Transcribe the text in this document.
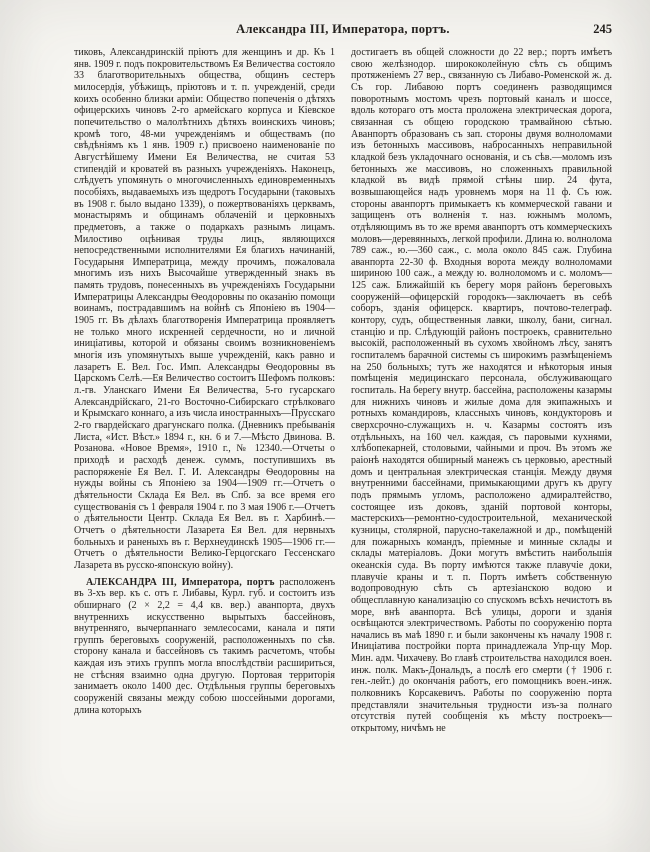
Александра III, Императора, портъ.	245

тиковъ, Александринскій пріютъ для женщинъ и др. Къ 1 янв. 1909 г. подъ покровительствомъ Ея Величества состояло 33 благотворительныхъ общества, общинъ сестеръ милосердія, убѣжищъ, пріютовъ и т. п. учрежденій, среди коихъ особенно близки арміи: Общество попеченія о дѣтяхъ офицерскихъ чиновъ 2-го армейскаго корпуса и Кіевское попечительство о малолѣтнихъ дѣтяхъ воинскихъ чиновъ; кромѣ того, 48-ми учрежденіямъ и обществамъ (по свѣдѣніямъ къ 1 янв. 1909 г.) присвоено наименованіе по Августѣйшему Имени Ея Величества, не считая 53 стипендій и кроватей въ разныхъ учрежденіяхъ. Наконецъ, слѣдуетъ упомянуть о многочисленныхъ единовременныхъ пособіяхъ, выдаваемыхъ изъ щедротъ Государыни (таковыхъ въ 1908 г. было выдано 1339), о пожертвованіяхъ церквамъ, монастырямъ и общинамъ облаченій и церковныхъ предметовъ, а также о подаркахъ разнымъ лицамъ. Милостиво оцѣнивая труды лицъ, являющихся непосредственными исполнителями Ея благихъ начинаній, Государыня Императрица, между прочимъ, пожаловала многимъ изъ нихъ Высочайше утвержденный знакъ въ память трудовъ, понесенныхъ въ учрежденіяхъ Государыни Императрицы Александры Ѳеодоровны по оказанію помощи воинамъ, пострадавшимъ на войнѣ съ Японіею въ 1904—1905 гг. Въ дѣлахъ благотворенія Императрица проявляетъ не только много искренней сердечности, но и личной иниціативы, которой и обязаны своимъ возникновеніемъ многія изъ упомянутыхъ выше учрежденій, какъ равно и лазаретъ Е. Вел. Гос. Имп. Александры Ѳеодоровны въ Царскомъ Селѣ.—Ея Величество состоитъ Шефомъ полковъ: л.-гв. Уланскаго Имени Ея Величества, 5-го гусарскаго Александрійскаго, 21-го Восточно-Сибирскаго стрѣлковаго и Крымскаго коннаго, а изъ числа иностранныхъ—Прусскаго 2-го гвардейскаго драгунскаго полка. (Дневникъ пребыванія Листа, «Ист. Вѣст.» 1894 г., кн. 6 и 7.—Мѣсто Двинова. В. Розанова. «Новое Время», 1910 г., № 12340.—Отчеты о приходѣ и расходѣ денеж. суммъ, поступившихъ въ распоряженіе Ея Вел. Г. И. Александры Ѳеодоровны на нужды войны съ Японіею за 1904—1909 гг.—Отчетъ о дѣятельности Склада Ея Вел. въ Спб. за все время его существованія съ 1 февраля 1904 г. по 3 мая 1906 г.—Отчетъ о дѣятельности Центр. Склада Ея Вел. въ г. Харбинѣ.—Отчетъ о дѣятельности Лазарета Ея Вел. для нервныхъ больныхъ и раненыхъ въ г. Верхнеудинскѣ 1905—1906 гг.—Отчетъ о дѣятельности Велико-Герцогскаго Гессенскаго Лазарета въ русско-японскую войну).

АЛЕКСАНДРА III, Императора, портъ расположенъ въ 3-хъ вер. къ с. отъ г. Либавы, Курл. губ. и состоитъ изъ обширнаго (2 × 2,2 = 4,4 кв. вер.) аванпорта, двухъ внутреннихъ искусственно вырытыхъ бассейновъ, внутренняго, вычерпаннаго землесосами, канала и пяти группъ береговыхъ сооруженій, расположенныхъ по сѣв. сторону канала и бассейновъ съ такимъ расчетомъ, чтобы каждая изъ этихъ группъ могла впослѣдствіи расшириться, не стѣсняя взаимно одна другую. Портовая территорія занимаетъ около 1400 дес. Отдѣльныя группы береговыхъ сооруженій связаны между собою шоссейными дорогами, длина которыхъ

достигаетъ въ общей сложности до 22 вер.; портъ имѣетъ свою желѣзнодор. ширококолейную сѣть съ общимъ протяженіемъ 27 вер., связанную съ Либаво-Роменской ж. д. Съ гор. Либавою портъ соединенъ разводящимся поворотнымъ мостомъ чрезъ портовый каналъ и шоссе, вдоль котораго отъ моста проложена электрическая дорога, связанная съ общею городскою трамвайною сѣтью. Аванпортъ образованъ съ зап. стороны двумя волноломами изъ бетонныхъ массивовъ, набросанныхъ неправильной кладкой безъ укладочнаго основанія, и съ сѣв.—моломъ изъ бетонныхъ же массивовъ, но сложенныхъ правильной кладкой въ видѣ прямой стѣны шир. 24 фута, возвышающейся надъ уровнемъ моря на 11 ф. Съ юж. стороны аванпортъ примыкаетъ къ коммерческой гавани и защищенъ отъ волненія т. наз. южнымъ моломъ, отдѣляющимъ въ то же время аванпортъ отъ коммерческихъ моловъ—деревянныхъ, легкой профили. Длина ю. волнолома 789 саж., ю.—360 саж., с. мола около 845 саж. Глубина аванпорта 22-30 ф. Входныя ворота между волноломами шириною 100 саж., а между ю. волноломомъ и с. моломъ—125 саж. Ближайшій къ берегу моря районъ береговыхъ сооруженій—офицерскій городокъ—заключаетъ въ себѣ соборъ, зданія офицерск. квартиръ, почтово-телеграф. контору, судъ, общественныя лавки, школу, бани, сигнал. станцію и пр. Слѣдующій районъ построекъ, сравнительно высокій, расположенный въ сухомъ хвойномъ лѣсу, занятъ госпиталемъ барачной системы съ широкимъ размѣщеніемъ на 250 больныхъ; тутъ же находятся и нѣкоторыя иныя помѣщенія медицинскаго персонала, обслуживающаго госпиталь. На берегу внутр. бассейна, расположены казармы для нижнихъ чиновъ и жилые дома для экипажныхъ и ротныхъ командировъ, классныхъ чиновъ, кондукторовъ и сверхсрочно-служащихъ н. ч. Казармы состоятъ изъ отдѣльныхъ, на 160 чел. каждая, съ паровыми кухнями, хлѣбопекарней, столовыми, чайными и проч. Въ этомъ же раіонѣ находятся обширный манежъ съ церковью, арестный домъ и центральная электрическая станція. Между двумя внутренними бассейнами, примыкающими другъ къ другу подъ прямымъ угломъ, расположено адмиралтейство, состоящее изъ доковъ, зданій портовой конторы, мастерскихъ—ремонтно-судостроительной, механической кузницы, столярной, парусно-такелажной и др., помѣщеній для пожарныхъ командъ, пріемные и минные склады и склады матеріаловъ. Доки могутъ вмѣстить наибольшія океанскія суда. Въ порту имѣются также плавучіе доки, плавучіе краны и т. п. Портъ имѣетъ собственную водопроводную сѣть съ артезіанскою водою и общесплавную канализацію со спускомъ всѣхъ нечистотъ въ море, внѣ аванпорта. Всѣ улицы, дороги и зданія освѣщаются электричествомъ. Работы по сооруженію порта начались въ маѣ 1890 г. и были закончены къ началу 1908 г. Иниціатива постройки порта принадлежала Упр-щу Мор. Мин. адм. Чихачеву. Во главѣ строительства находился воен. инж. полк. Макъ-Дональдъ, а послѣ его смерти († 1906 г. ген.-лейт.) до окончанія работъ, его помощникъ воен.-инж. полковникъ Корсакевичъ. Работы по сооруженію порта представляли значительныя трудности изъ-за полнаго отсутствія путей сообщенія къ мѣсту построекъ—открытому, ничѣмъ не
